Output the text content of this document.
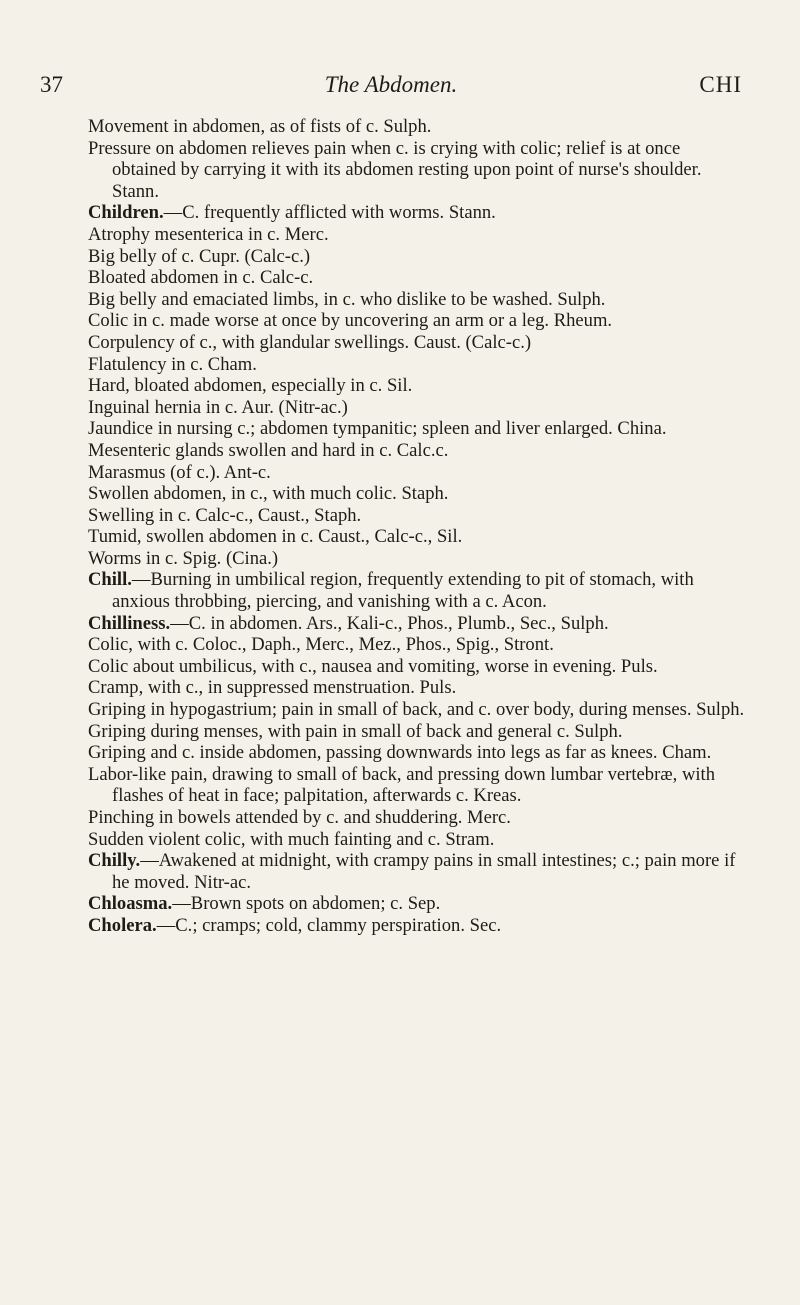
37	The Abdomen.	CHI

Movement in abdomen, as of fists of c. Sulph.

Pressure on abdomen relieves pain when c. is crying with colic; relief is at once obtained by carrying it with its abdomen resting upon point of nurse's shoulder. Stann.

Children.—C. frequently afflicted with worms. Stann.

Atrophy mesenterica in c. Merc.

Big belly of c. Cupr. (Calc-c.)

Bloated abdomen in c. Calc-c.

Big belly and emaciated limbs, in c. who dislike to be washed. Sulph.

Colic in c. made worse at once by uncovering an arm or a leg. Rheum.

Corpulency of c., with glandular swellings. Caust. (Calc-c.)

Flatulency in c. Cham.

Hard, bloated abdomen, especially in c. Sil.

Inguinal hernia in c. Aur. (Nitr-ac.)

Jaundice in nursing c.; abdomen tympanitic; spleen and liver enlarged. China.

Mesenteric glands swollen and hard in c. Calc.c.

Marasmus (of c.). Ant-c.

Swollen abdomen, in c., with much colic. Staph.

Swelling in c. Calc-c., Caust., Staph.

Tumid, swollen abdomen in c. Caust., Calc-c., Sil.

Worms in c. Spig. (Cina.)

Chill.—Burning in umbilical region, frequently extending to pit of stomach, with anxious throbbing, piercing, and vanishing with a c. Acon.

Chilliness.—C. in abdomen. Ars., Kali-c., Phos., Plumb., Sec., Sulph.

Colic, with c. Coloc., Daph., Merc., Mez., Phos., Spig., Stront.

Colic about umbilicus, with c., nausea and vomiting, worse in evening. Puls.

Cramp, with c., in suppressed menstruation. Puls.

Griping in hypogastrium; pain in small of back, and c. over body, during menses. Sulph.

Griping during menses, with pain in small of back and general c. Sulph.

Griping and c. inside abdomen, passing downwards into legs as far as knees. Cham.

Labor-like pain, drawing to small of back, and pressing down lumbar vertebræ, with flashes of heat in face; palpitation, afterwards c. Kreas.

Pinching in bowels attended by c. and shuddering. Merc.

Sudden violent colic, with much fainting and c. Stram.

Chilly.—Awakened at midnight, with crampy pains in small intestines; c.; pain more if he moved. Nitr-ac.

Chloasma.—Brown spots on abdomen; c. Sep.

Cholera.—C.; cramps; cold, clammy perspiration. Sec.
